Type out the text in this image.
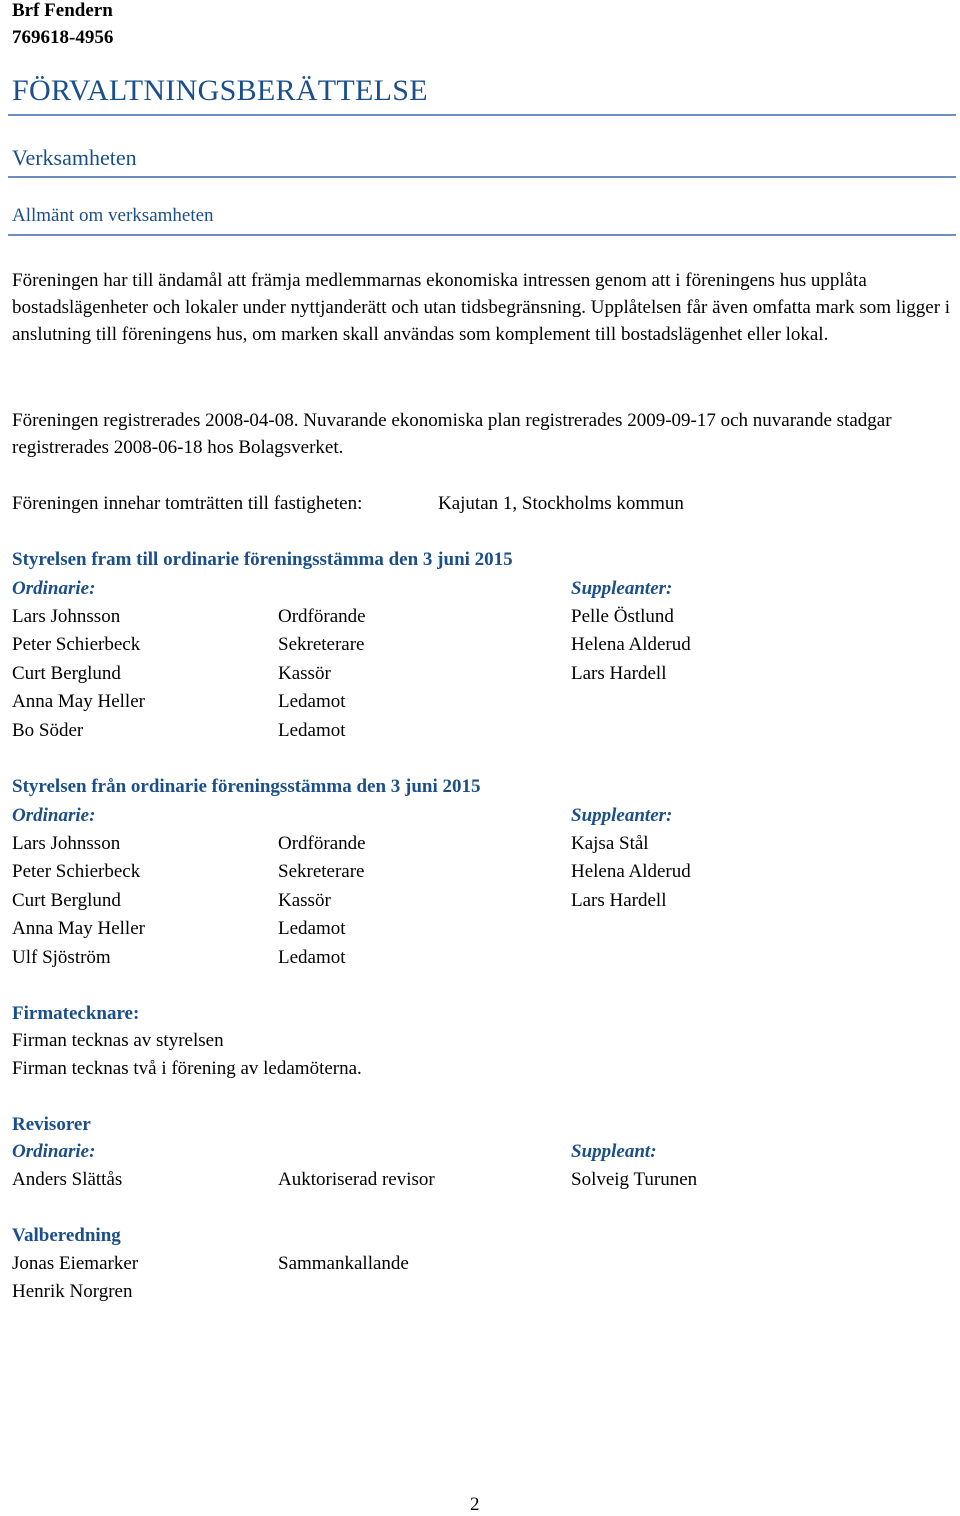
Brf Fendern
769618-4956
FÖRVALTNINGSBERÄTTELSE
Verksamheten
Allmänt om verksamheten
Föreningen har till ändamål att främja medlemmarnas ekonomiska intressen genom att i föreningens hus upplåta bostadslägenheter och lokaler under nyttjanderätt och utan tidsbegränsning. Upplåtelsen får även omfatta mark som ligger i anslutning till föreningens hus, om marken skall användas som komplement till bostadslägenhet eller lokal.
Föreningen registrerades 2008-04-08. Nuvarande ekonomiska plan registrerades 2009-09-17 och nuvarande stadgar registrerades 2008-06-18 hos Bolagsverket.
Föreningen innehar tomträtten till fastigheten:	Kajutan 1, Stockholms kommun
Styrelsen fram till ordinarie föreningsstämma den 3 juni 2015
Ordinarie:	Suppleanter:
Lars Johnsson	Ordförande	Pelle Östlund
Peter Schierbeck	Sekreterare	Helena Alderud
Curt Berglund	Kassör	Lars Hardell
Anna May Heller	Ledamot
Bo Söder	Ledamot
Styrelsen från ordinarie föreningsstämma den 3 juni 2015
Ordinarie:	Suppleanter:
Lars Johnsson	Ordförande	Kajsa Stål
Peter Schierbeck	Sekreterare	Helena Alderud
Curt Berglund	Kassör	Lars Hardell
Anna May Heller	Ledamot
Ulf Sjöström	Ledamot
Firmatecknare:
Firman tecknas av styrelsen
Firman tecknas två i förening av ledamöterna.
Revisorer
Ordinarie:	Suppleant:
Anders Slättås	Auktoriserad revisor	Solveig Turunen
Valberedning
Jonas Eiemarker	Sammankallande
Henrik Norgren
2
